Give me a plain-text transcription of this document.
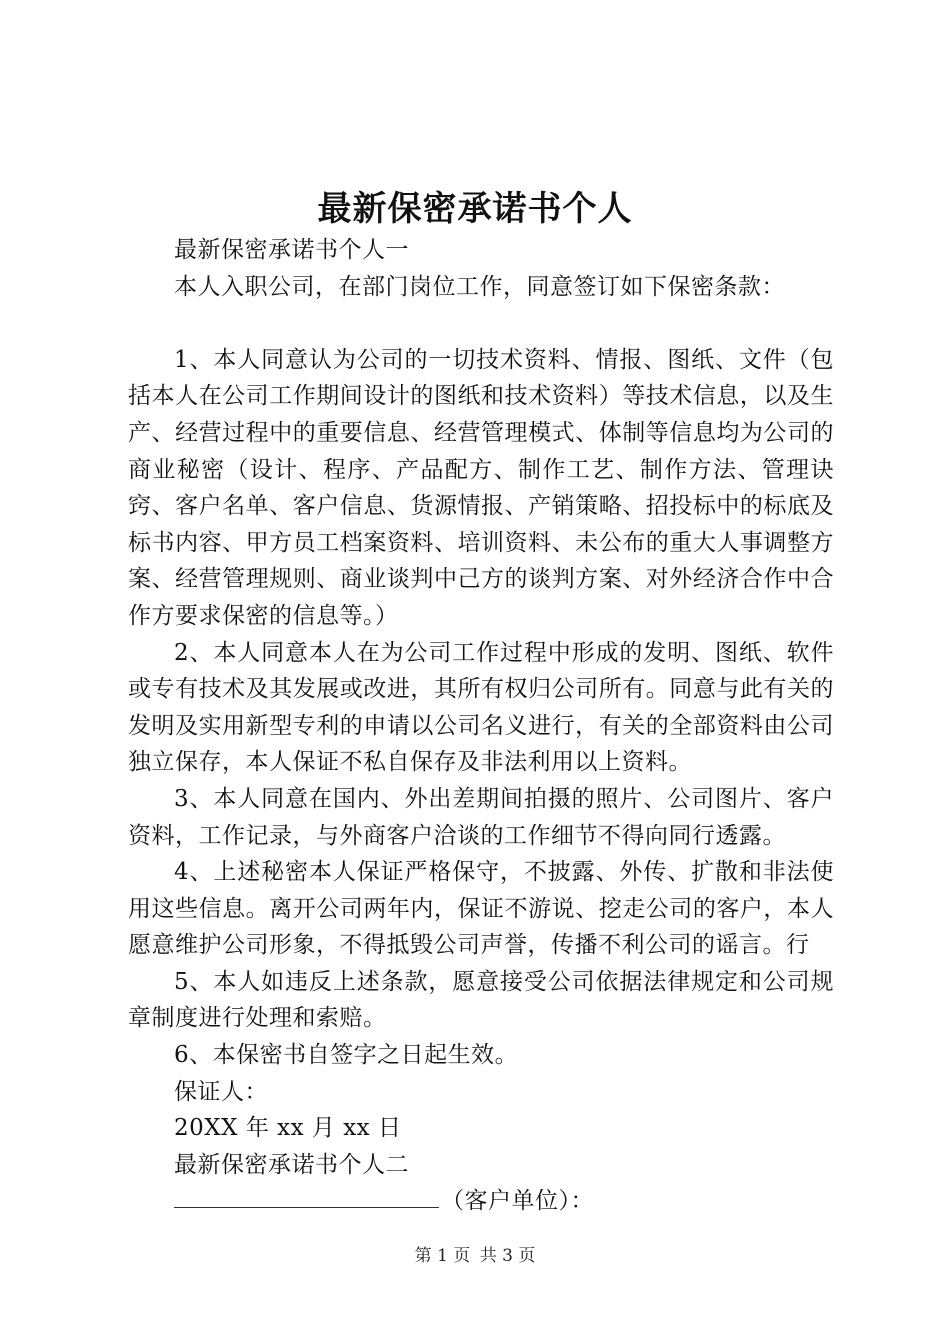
最新保密承诺书个人

最新保密承诺书个人一

本人入职公司，在部门岗位工作，同意签订如下保密条款：

1、本人同意认为公司的一切技术资料、情报、图纸、文件（包括本人在公司工作期间设计的图纸和技术资料）等技术信息，以及生产、经营过程中的重要信息、经营管理模式、体制等信息均为公司的商业秘密（设计、程序、产品配方、制作工艺、制作方法、管理诀窍、客户名单、客户信息、货源情报、产销策略、招投标中的标底及标书内容、甲方员工档案资料、培训资料、未公布的重大人事调整方案、经营管理规则、商业谈判中己方的谈判方案、对外经济合作中合作方要求保密的信息等。）

2、本人同意本人在为公司工作过程中形成的发明、图纸、软件或专有技术及其发展或改进，其所有权归公司所有。同意与此有关的发明及实用新型专利的申请以公司名义进行，有关的全部资料由公司独立保存，本人保证不私自保存及非法利用以上资料。

3、本人同意在国内、外出差期间拍摄的照片、公司图片、客户资料，工作记录，与外商客户洽谈的工作细节不得向同行透露。

4、上述秘密本人保证严格保守，不披露、外传、扩散和非法使用这些信息。离开公司两年内，保证不游说、挖走公司的客户，本人愿意维护公司形象，不得抵毁公司声誉，传播不利公司的谣言。行

5、本人如违反上述条款，愿意接受公司依据法律规定和公司规章制度进行处理和索赔。

6、本保密书自签字之日起生效。

保证人：

20XX 年 xx 月 xx 日

最新保密承诺书个人二

（客户单位）：

第 1 页 共 3 页
